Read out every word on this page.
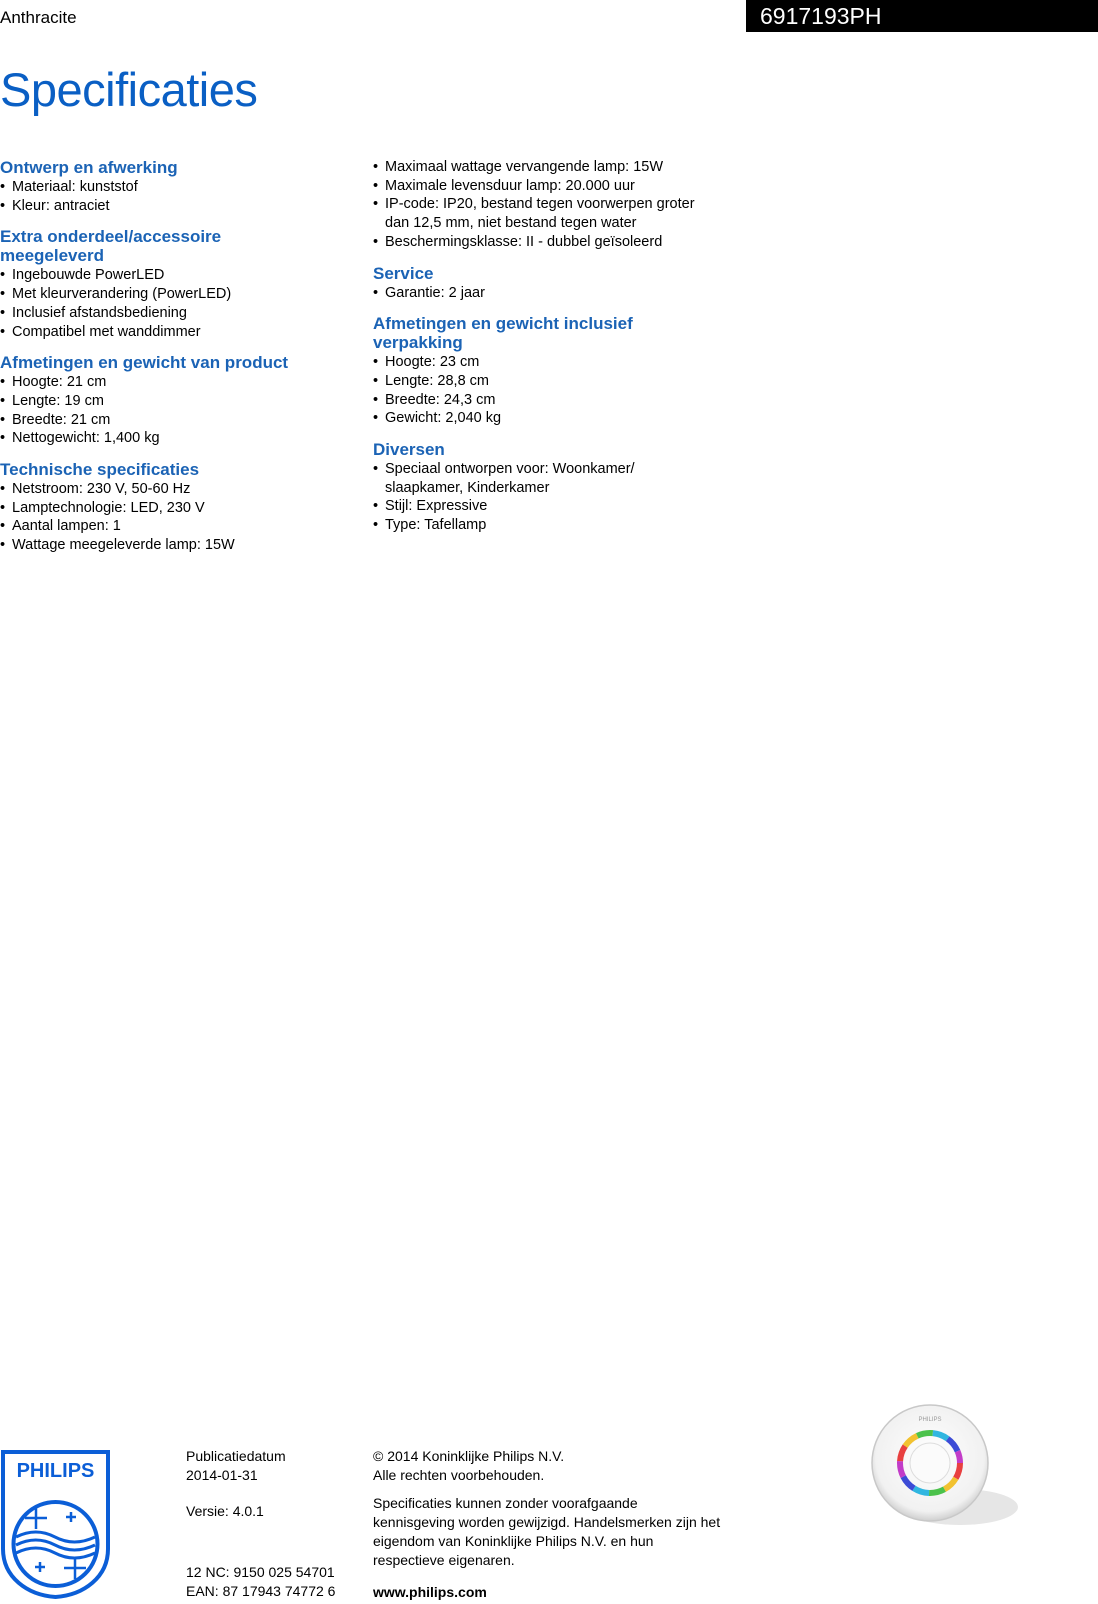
Anthracite	6917193PH
Specificaties
Ontwerp en afwerking
• Materiaal: kunststof
• Kleur: antraciet
Extra onderdeel/accessoire meegeleverd
• Ingebouwde PowerLED
• Met kleurverandering (PowerLED)
• Inclusief afstandsbediening
• Compatibel met wanddimmer
Afmetingen en gewicht van product
• Hoogte: 21 cm
• Lengte: 19 cm
• Breedte: 21 cm
• Nettogewicht: 1,400 kg
Technische specificaties
• Netstroom: 230 V, 50-60 Hz
• Lamptechnologie: LED, 230 V
• Aantal lampen: 1
• Wattage meegeleverde lamp: 15W
• Maximaal wattage vervangende lamp: 15W
• Maximale levensduur lamp: 20.000 uur
• IP-code: IP20, bestand tegen voorwerpen groter dan 12,5 mm, niet bestand tegen water
• Beschermingsklasse: II - dubbel geïsoleerd
Service
• Garantie: 2 jaar
Afmetingen en gewicht inclusief verpakking
• Hoogte: 23 cm
• Lengte: 28,8 cm
• Breedte: 24,3 cm
• Gewicht: 2,040 kg
Diversen
• Speciaal ontworpen voor: Woonkamer/ slaapkamer, Kinderkamer
• Stijl: Expressive
• Type: Tafellamp
PHILIPS

Publicatiedatum

2014-01-31

Versie: 4.0.1

12 NC: 9150 025 54701

EAN: 87 17943 74772 6

© 2014 Koninklijke Philips N.V.

Alle rechten voorbehouden.

Specificaties kunnen zonder voorafgaande kennisgeving worden gewijzigd. Handelsmerken zijn het eigendom van Koninklijke Philips N.V. en hun respectieve eigenaren.

www.philips.com

PHILIPS
